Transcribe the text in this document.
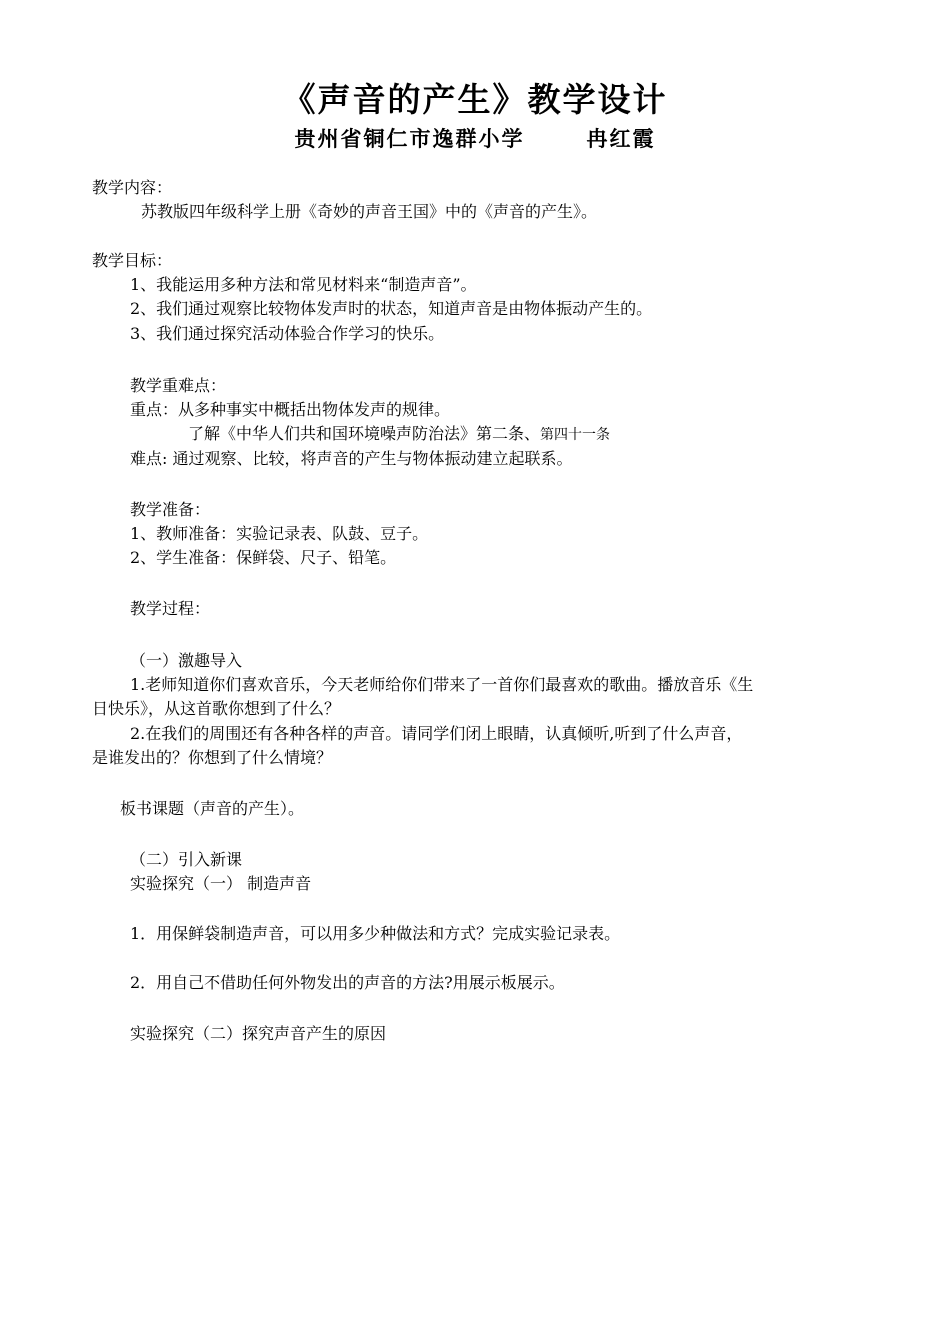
《声音的产生》教学设计
贵州省铜仁市逸群小学	冉红霞
教学内容：
苏教版四年级科学上册《奇妙的声音王国》中的《声音的产生》。
教学目标：
1、我能运用多种方法和常见材料来“制造声音”。
2、我们通过观察比较物体发声时的状态，知道声音是由物体振动产生的。
3、我们通过探究活动体验合作学习的快乐。
教学重难点：
重点：从多种事实中概括出物体发声的规律。
了解《中华人们共和国环境噪声防治法》第二条、第四十一条
难点: 通过观察、比较，将声音的产生与物体振动建立起联系。
教学准备：
1、教师准备：实验记录表、队鼓、豆子。
2、学生准备：保鲜袋、尺子、铅笔。
教学过程：
（一）激趣导入
1.老师知道你们喜欢音乐，今天老师给你们带来了一首你们最喜欢的歌曲。播放音乐《生
日快乐》，从这首歌你想到了什么？
2.在我们的周围还有各种各样的声音。请同学们闭上眼睛，认真倾听,听到了什么声音，
是谁发出的？你想到了什么情境？
板书课题（声音的产生）。
（二）引入新课
实验探究（一） 制造声音
1．用保鲜袋制造声音，可以用多少种做法和方式？完成实验记录表。
2．用自己不借助任何外物发出的声音的方法?用展示板展示。
实验探究（二）探究声音产生的原因
